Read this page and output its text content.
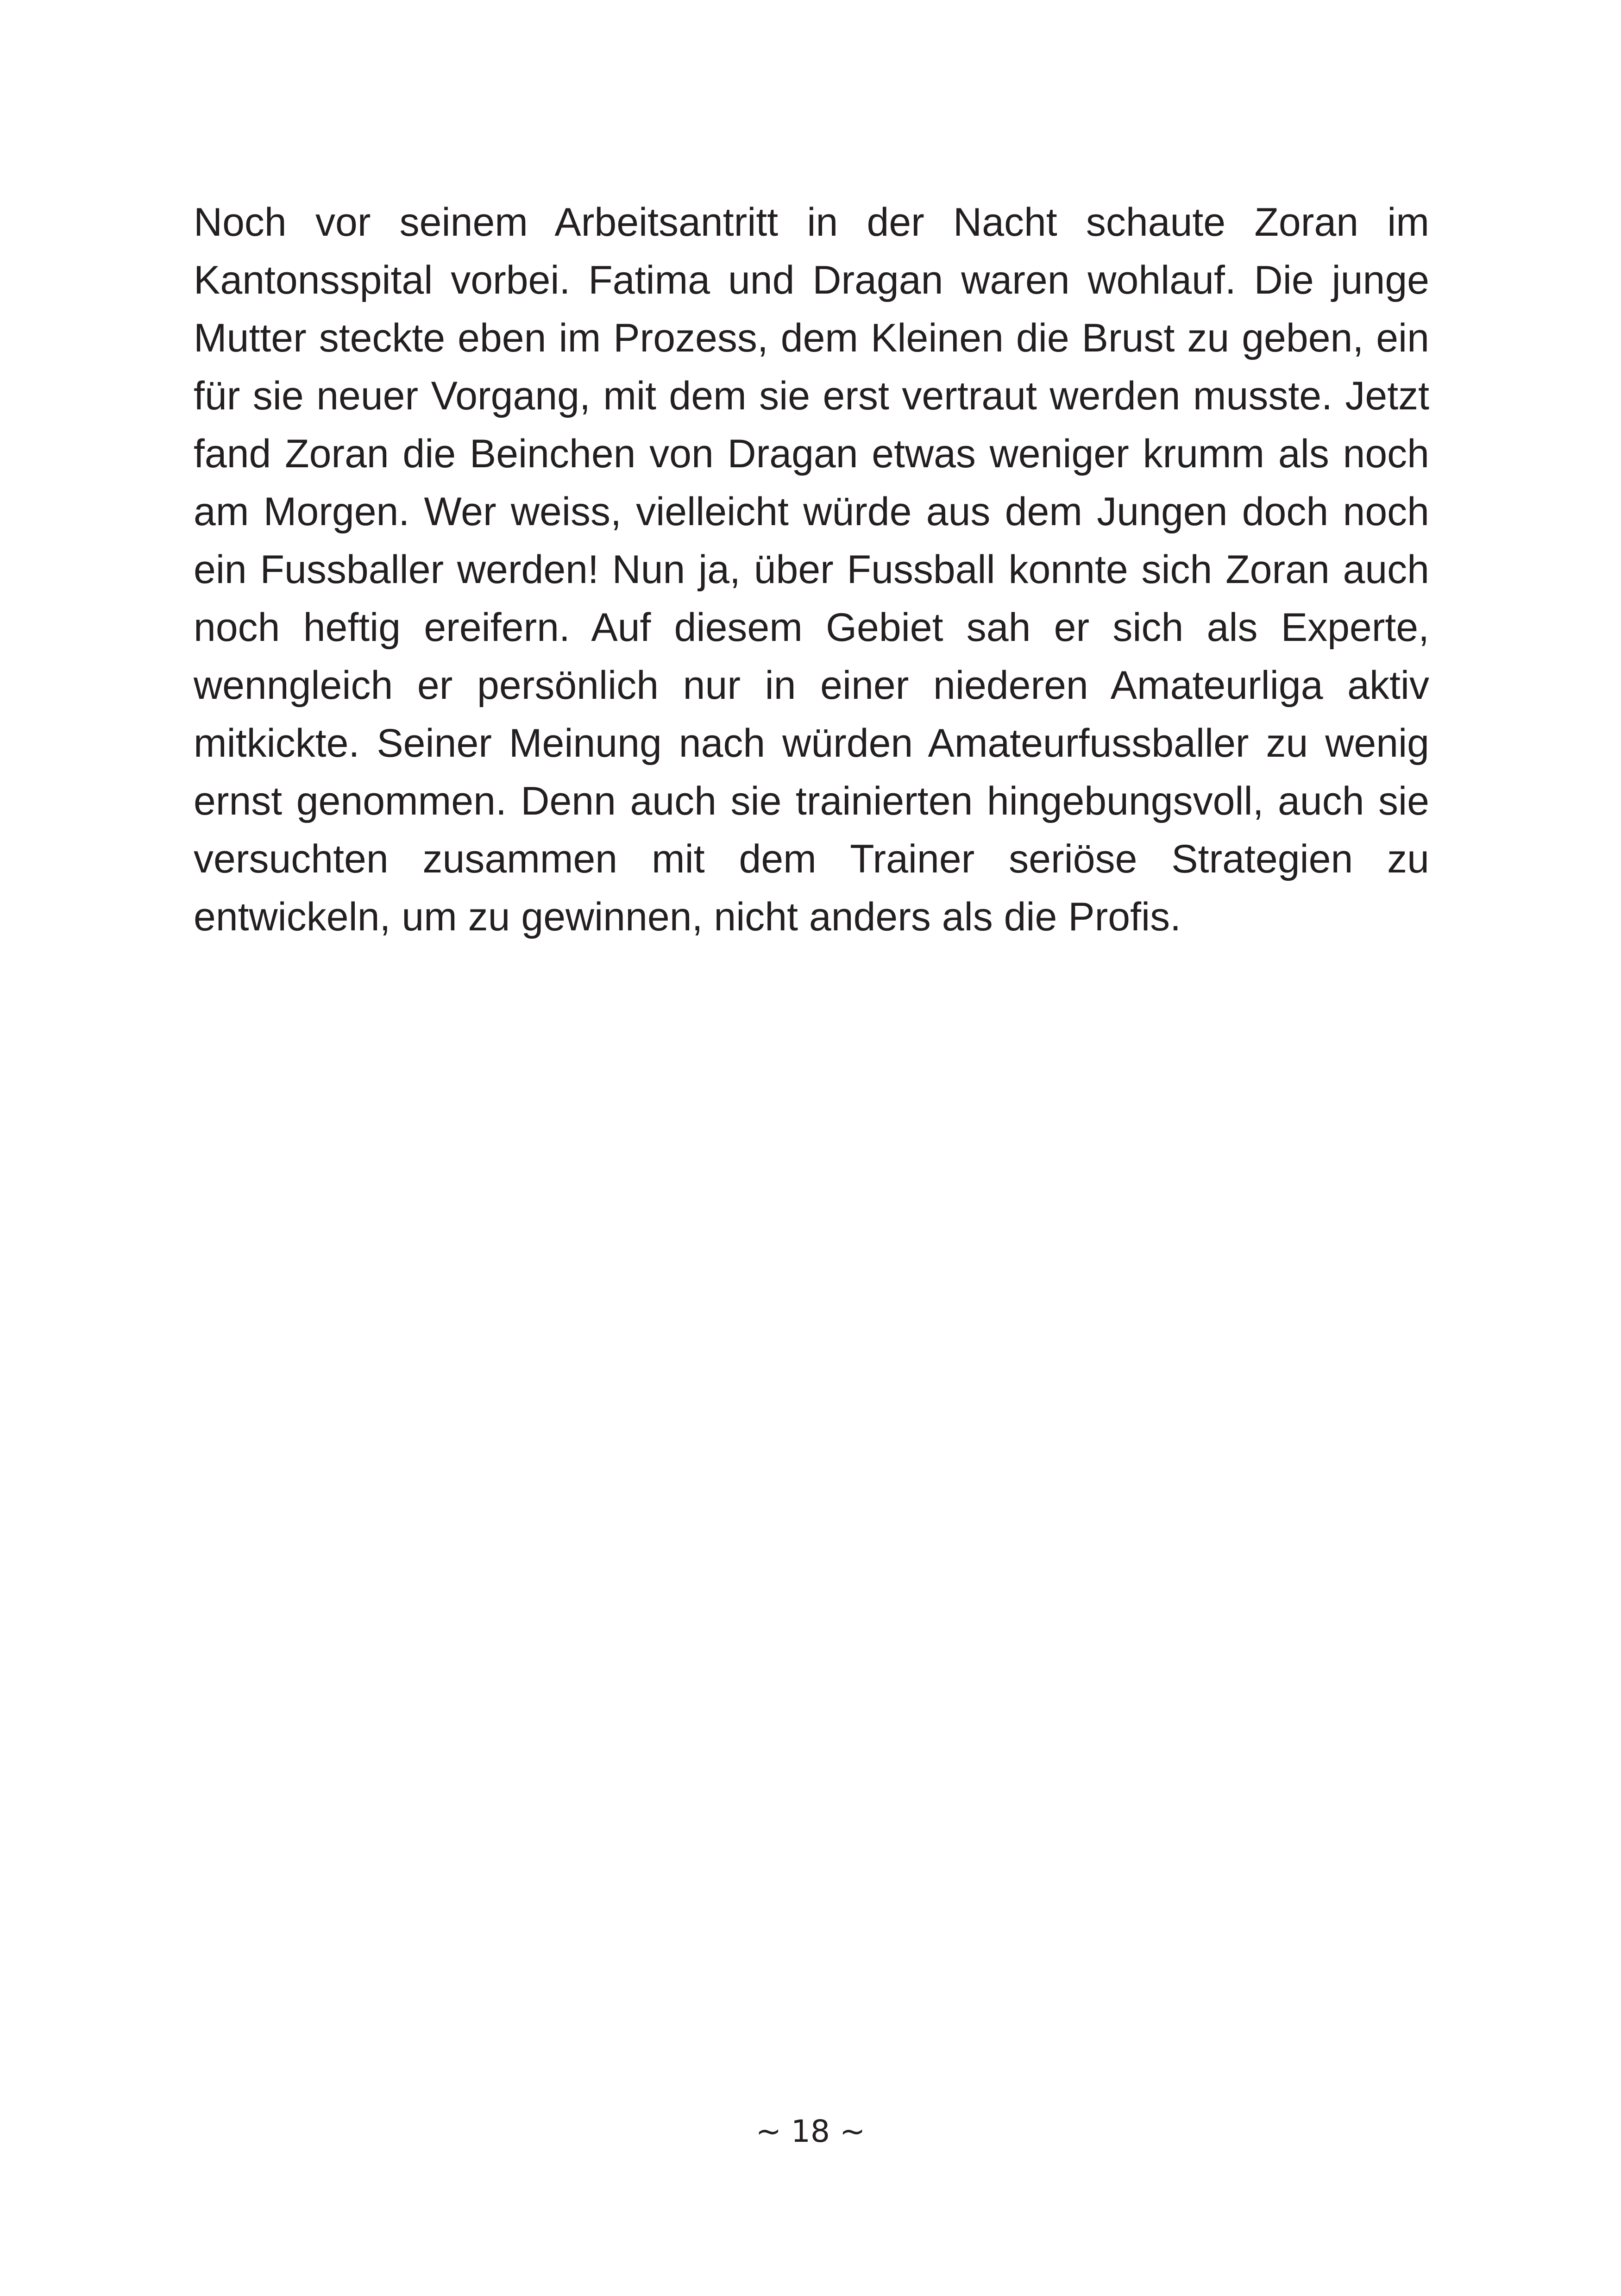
Noch vor seinem Arbeitsantritt in der Nacht schaute Zoran im Kantonsspital vorbei. Fatima und Dragan waren wohlauf. Die junge Mutter steckte eben im Prozess, dem Kleinen die Brust zu geben, ein für sie neuer Vorgang, mit dem sie erst vertraut werden musste. Jetzt fand Zoran die Beinchen von Dragan etwas weniger krumm als noch am Morgen. Wer weiss, vielleicht würde aus dem Jungen doch noch ein Fussballer werden! Nun ja, über Fussball konnte sich Zoran auch noch heftig ereifern. Auf diesem Gebiet sah er sich als Experte, wenngleich er persönlich nur in einer niederen Amateurliga aktiv mitkickte. Seiner Meinung nach würden Amateurfussballer zu wenig ernst genommen. Denn auch sie trainierten hingebungsvoll, auch sie versuchten zusammen mit dem Trainer seriöse Strategien zu entwickeln, um zu gewinnen, nicht anders als die Profis.

~ 18 ~
